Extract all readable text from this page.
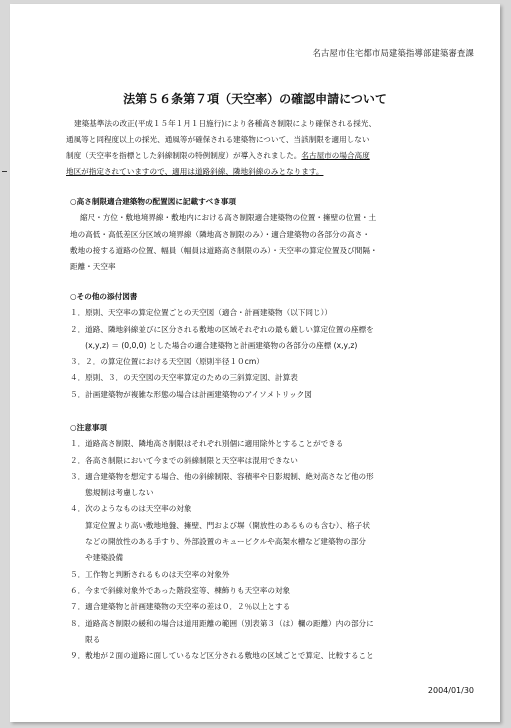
名古屋市住宅都市局建築指導部建築審査課
法第５６条第７項（天空率）の確認申請について
建築基準法の改正(平成１５年１月１日施行)により各種高さ制限により確保される採光、
通風等と同程度以上の採光、通風等が確保される建築物について、当該制限を適用しない
制度（天空率を指標とした斜線制限の特例制度）が導入されました。名古屋市の場合高度
地区が指定されていますので、適用は道路斜線、隣地斜線のみとなります。
○高さ制限適合建築物の配置図に記載すべき事項
縮尺・方位・敷地境界線・敷地内における高さ制限適合建築物の位置・擁壁の位置・土
地の高低・高低差区分区域の境界線（隣地高さ制限のみ）・適合建築物の各部分の高さ・
敷地の接する道路の位置、幅員（幅員は道路高さ制限のみ）・天空率の算定位置及び間隔・
距離・天空率
○その他の添付図書
１．原則、天空率の算定位置ごとの天空図（適合・計画建築物（以下同じ））
２．道路、隣地斜線並びに区分される敷地の区域それぞれの最も厳しい算定位置の座標を
　　(x,y,z) ＝ (0,0,0) とした場合の適合建築物と計画建築物の各部分の座標 (x,y,z)
３．２．の算定位置における天空図（原則半径１０cm）
４．原則、３．の天空図の天空率算定のための三斜算定図、計算表
５．計画建築物が複雑な形態の場合は計画建築物のアイソメトリック図
○注意事項
１．道路高さ制限、隣地高さ制限はそれぞれ別個に適用除外とすることができる
２．各高さ制限において今までの斜線制限と天空率は混用できない
３．適合建築物を想定する場合、他の斜線制限、容積率や日影規制、絶対高さなど他の形
　　態規制は考慮しない
４．次のようなものは天空率の対象
　　算定位置より高い敷地地盤、擁壁、門および塀（開放性のあるものも含む）、格子状
　　などの開放性のある手すり、外部設置のキュービクルや高架水槽など建築物の部分
　　や建築設備
５．工作物と判断されるものは天空率の対象外
６．今まで斜線対象外であった階段室等、棟飾りも天空率の対象
７．適合建築物と計画建築物の天空率の差は０．２％以上とする
８．道路高さ制限の緩和の場合は道用距離の範囲（別表第３（は）欄の距離）内の部分に
　　限る
９．敷地が２面の道路に面しているなど区分される敷地の区域ごとで算定、比較すること
2004/01/30
